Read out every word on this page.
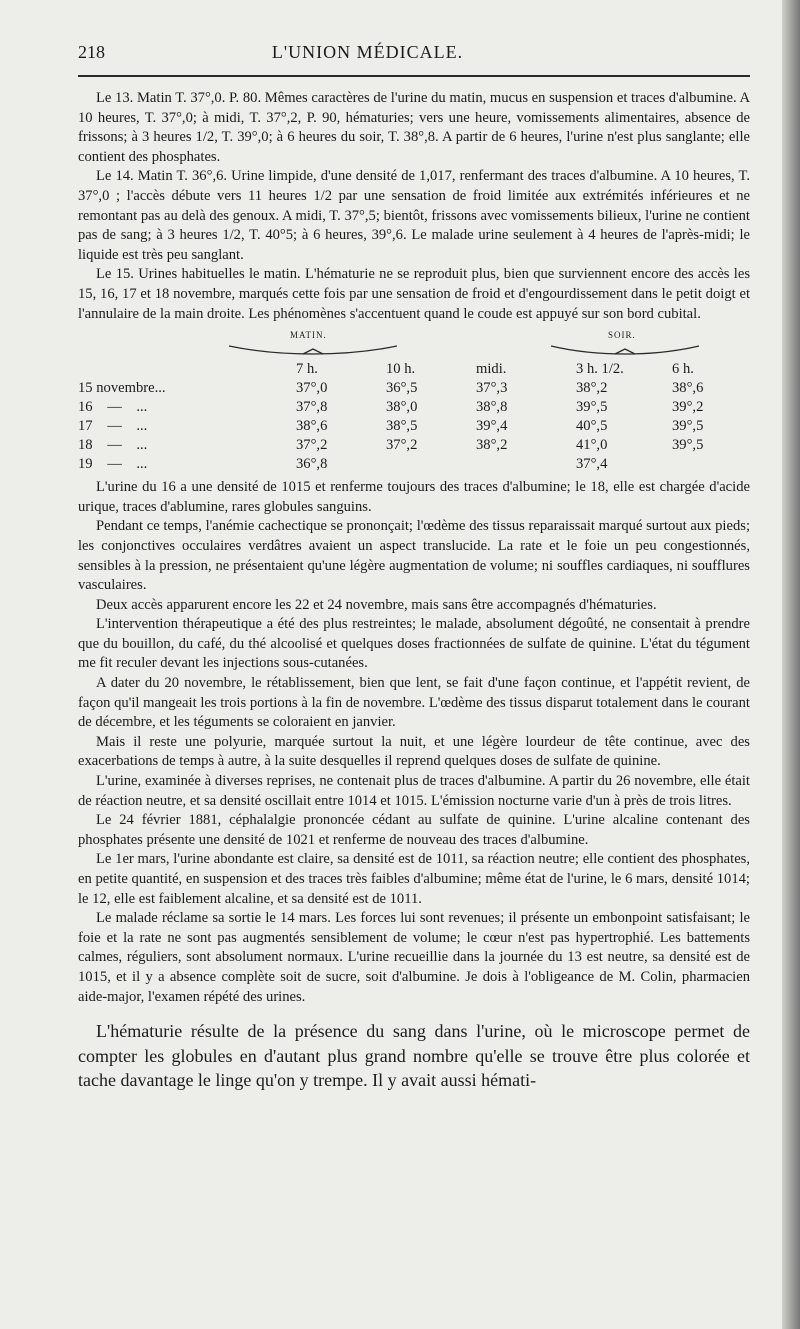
218	L'UNION MÉDICALE.

Le 13. Matin T. 37°,0. P. 80. Mêmes caractères de l'urine du matin, mucus en suspension et traces d'albumine. A 10 heures, T. 37°,0; à midi, T. 37°,2, P. 90, hématuries; vers une heure, vomissements alimentaires, absence de frissons; à 3 heures 1/2, T. 39°,0; à 6 heures du soir, T. 38°,8. A partir de 6 heures, l'urine n'est plus sanglante; elle contient des phosphates.

Le 14. Matin T. 36°,6. Urine limpide, d'une densité de 1,017, renfermant des traces d'albumine. A 10 heures, T. 37°,0 ; l'accès débute vers 11 heures 1/2 par une sensation de froid limitée aux extrémités inférieures et ne remontant pas au delà des genoux. A midi, T. 37°,5; bientôt, frissons avec vomissements bilieux, l'urine ne contient pas de sang; à 3 heures 1/2, T. 40°5; à 6 heures, 39°,6. Le malade urine seulement à 4 heures de l'après-midi; le liquide est très peu sanglant.

Le 15. Urines habituelles le matin. L'hématurie ne se reproduit plus, bien que surviennent encore des accès les 15, 16, 17 et 18 novembre, marqués cette fois par une sensation de froid et d'engourdissement dans le petit doigt et l'annulaire de la main droite. Les phénomènes s'accentuent quand le coude est appuyé sur son bord cubital.

MATIN.	SOIR.
	7 h.	10 h.	midi.	3 h. 1/2.	6 h.
15 novembre...	37°,0	36°,5	37°,3	38°,2	38°,6
16    —    ...	37°,8	38°,0	38°,8	39°,5	39°,2
17    —    ...	38°,6	38°,5	39°,4	40°,5	39°,5
18    —    ...	37°,2	37°,2	38°,2	41°,0	39°,5
19    —    ...	36°,8			37°,4	

L'urine du 16 a une densité de 1015 et renferme toujours des traces d'albumine; le 18, elle est chargée d'acide urique, traces d'ablumine, rares globules sanguins.

Pendant ce temps, l'anémie cachectique se prononçait; l'œdème des tissus reparaissait marqué surtout aux pieds; les conjonctives occulaires verdâtres avaient un aspect translucide. La rate et le foie un peu congestionnés, sensibles à la pression, ne présentaient qu'une légère augmentation de volume; ni souffles cardiaques, ni soufflures vasculaires.

Deux accès apparurent encore les 22 et 24 novembre, mais sans être accompagnés d'hématuries.

L'intervention thérapeutique a été des plus restreintes; le malade, absolument dégoûté, ne consentait à prendre que du bouillon, du café, du thé alcoolisé et quelques doses fractionnées de sulfate de quinine. L'état du tégument me fit reculer devant les injections sous-cutanées.

A dater du 20 novembre, le rétablissement, bien que lent, se fait d'une façon continue, et l'appétit revient, de façon qu'il mangeait les trois portions à la fin de novembre. L'œdème des tissus disparut totalement dans le courant de décembre, et les téguments se coloraient en janvier.

Mais il reste une polyurie, marquée surtout la nuit, et une légère lourdeur de tête continue, avec des exacerbations de temps à autre, à la suite desquelles il reprend quelques doses de sulfate de quinine.

L'urine, examinée à diverses reprises, ne contenait plus de traces d'albumine. A partir du 26 novembre, elle était de réaction neutre, et sa densité oscillait entre 1014 et 1015. L'émission nocturne varie d'un à près de trois litres.

Le 24 février 1881, céphalalgie prononcée cédant au sulfate de quinine. L'urine alcaline contenant des phosphates présente une densité de 1021 et renferme de nouveau des traces d'albumine.

Le 1er mars, l'urine abondante est claire, sa densité est de 1011, sa réaction neutre; elle contient des phosphates, en petite quantité, en suspension et des traces très faibles d'albumine; même état de l'urine, le 6 mars, densité 1014; le 12, elle est faiblement alcaline, et sa densité est de 1011.

Le malade réclame sa sortie le 14 mars. Les forces lui sont revenues; il présente un embonpoint satisfaisant; le foie et la rate ne sont pas augmentés sensiblement de volume; le cœur n'est pas hypertrophié. Les battements calmes, réguliers, sont absolument normaux. L'urine recueillie dans la journée du 13 est neutre, sa densité est de 1015, et il y a absence complète soit de sucre, soit d'albumine. Je dois à l'obligeance de M. Colin, pharmacien aide-major, l'examen répété des urines.

L'hématurie résulte de la présence du sang dans l'urine, où le microscope permet de compter les globules en d'autant plus grand nombre qu'elle se trouve être plus colorée et tache davantage le linge qu'on y trempe. Il y avait aussi hémati-
